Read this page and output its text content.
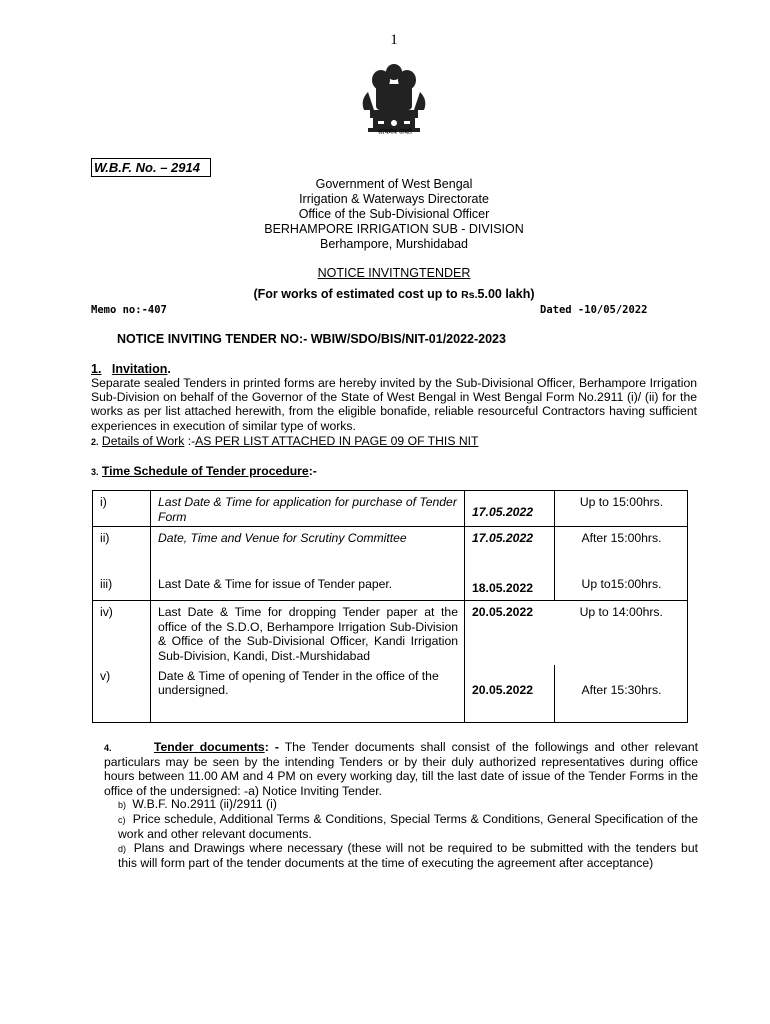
1
सत्यमेव जयते
W.B.F. No. – 2914
Government of West Bengal
Irrigation & Waterways Directorate
Office of the Sub-Divisional Officer
BERHAMPORE IRRIGATION SUB - DIVISION
Berhampore, Murshidabad
NOTICE INVITNGTENDER
(For works of estimated cost up to Rs.5.00 lakh)
Memo no:-407	Dated -10/05/2022
NOTICE INVITING TENDER NO:- WBIW/SDO/BIS/NIT-01/2022-2023
1. Invitation.
Separate sealed Tenders in printed forms are hereby invited by the Sub-Divisional Officer, Berhampore Irrigation Sub-Division on behalf of the Governor of the State of West Bengal in West Bengal Form No.2911 (i)/ (ii) for the works as per list attached herewith, from the eligible bonafide, reliable resourceful Contractors having sufficient experiences in execution of similar type of works.
2. Details of Work :-AS PER LIST ATTACHED IN PAGE 09 OF THIS NIT
3. Time Schedule of Tender procedure:-
i)	Last Date & Time for application for purchase of Tender Form	17.05.2022	Up to 15:00hrs.
ii)	Date, Time and Venue for Scrutiny Committee	17.05.2022	After 15:00hrs.
iii)	Last Date & Time for issue of Tender paper.	18.05.2022	Up to15:00hrs.
iv)	Last Date & Time for dropping Tender paper at the office of the S.D.O, Berhampore Irrigation Sub-Division & Office of the Sub-Divisional Officer, Kandi Irrigation Sub-Division, Kandi, Dist.-Murshidabad	20.05.2022	Up to 14:00hrs.
v)	Date & Time of opening of Tender in the office of the undersigned.	20.05.2022	After 15:30hrs.
4.	Tender documents: - The Tender documents shall consist of the followings and other relevant particulars may be seen by the intending Tenders or by their duly authorized representatives during office hours between 11.00 AM and 4 PM on every working day, till the last date of issue of the Tender Forms in the office of the undersigned: -a) Notice Inviting Tender.
b) W.B.F. No.2911 (ii)/2911 (i)
c) Price schedule, Additional Terms & Conditions, Special Terms & Conditions, General Specification of the work and other relevant documents.
d) Plans and Drawings where necessary (these will not be required to be submitted with the tenders but this will form part of the tender documents at the time of executing the agreement after acceptance)
